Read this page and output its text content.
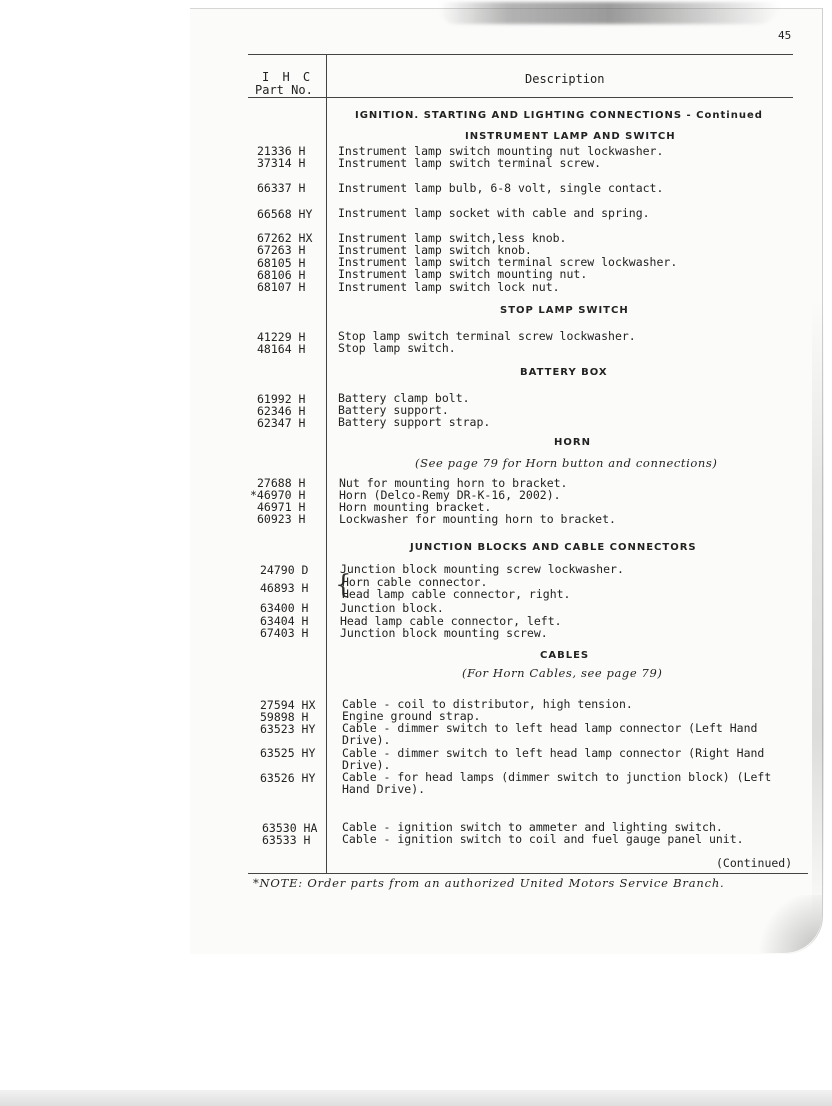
45
I H C
Part No.
Description
IGNITION. STARTING AND LIGHTING CONNECTIONS - Continued
INSTRUMENT LAMP AND SWITCH
STOP LAMP SWITCH
BATTERY BOX
HORN
(See page 79 for Horn button and connections)
JUNCTION BLOCKS AND CABLE CONNECTORS
CABLES
(For Horn Cables, see page 79)
21336 H
37314 H
66337 H
66568 HY
67262 HX
67263 H
68105 H
68106 H
68107 H
41229 H
48164 H
61992 H
62346 H
62347 H
27688 H
*46970 H
46971 H
60923 H
24790 D
46893 H
63400 H
63404 H
67403 H
27594 HX
59898 H
63523 HY
63525 HY
63526 HY
63530 HA
63533 H
Instrument lamp switch mounting nut lockwasher.
Instrument lamp switch terminal screw.
Instrument lamp bulb, 6-8 volt, single contact.
Instrument lamp socket with cable and spring.
Instrument lamp switch,less knob.
Instrument lamp switch knob.
Instrument lamp switch terminal screw lockwasher.
Instrument lamp switch mounting nut.
Instrument lamp switch lock nut.
Stop lamp switch terminal screw lockwasher.
Stop lamp switch.
Battery clamp bolt.
Battery support.
Battery support strap.
Nut for mounting horn to bracket.
Horn (Delco-Remy DR-K-16, 2002).
Horn mounting bracket.
Lockwasher for mounting horn to bracket.
Junction block mounting screw lockwasher.
{
Horn cable connector.
Head lamp cable connector, right.
Junction block.
Head lamp cable connector, left.
Junction block mounting screw.
Cable - coil to distributor, high tension.
Engine ground strap.
Cable - dimmer switch to left head lamp connector (Left Hand
Drive).
Cable - dimmer switch to left head lamp connector (Right Hand
Drive).
Cable - for head lamps (dimmer switch to junction block) (Left
Hand Drive).
Cable - ignition switch to ammeter and lighting switch.
Cable - ignition switch to coil and fuel gauge panel unit.
(Continued)
*NOTE: Order parts from an authorized United Motors Service Branch.
